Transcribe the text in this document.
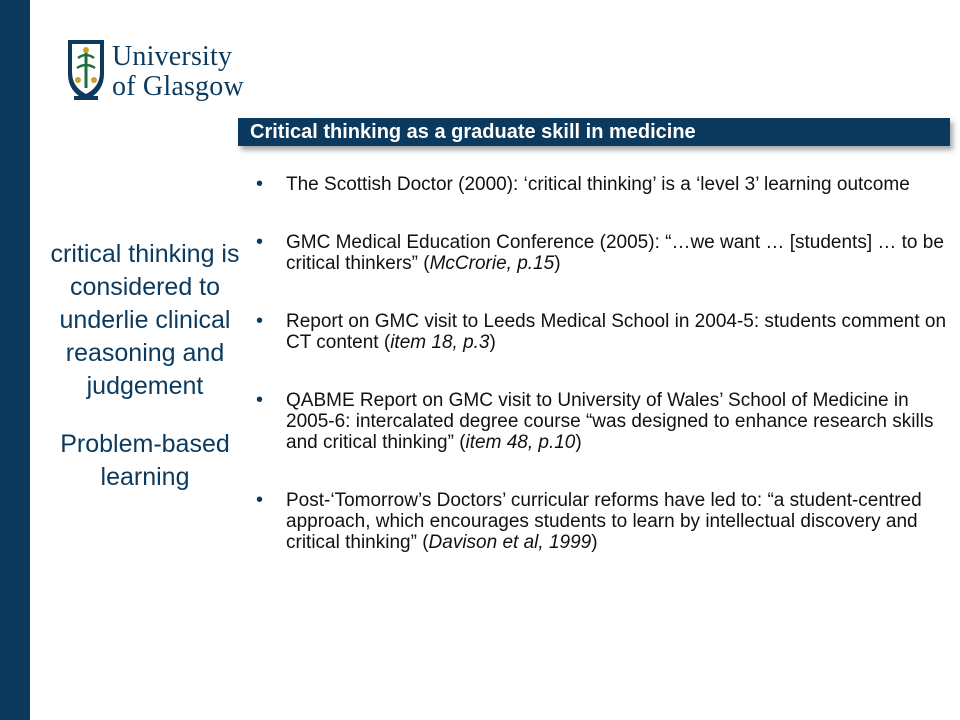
University
of Glasgow
Critical thinking as a graduate skill in medicine
critical thinking is considered to underlie clinical reasoning and judgement
Problem-based learning
• The Scottish Doctor (2000): ‘critical thinking’ is a ‘level 3’ learning outcome
• GMC Medical Education Conference (2005): “…we want … [students] … to be critical thinkers” (McCrorie, p.15)
• Report on GMC visit to Leeds Medical School in 2004-5: students comment on CT content (item 18, p.3)
• QABME Report on GMC visit to University of Wales’ School of Medicine in 2005-6: intercalated degree course “was designed to enhance research skills and critical thinking” (item 48, p.10)
• Post-‘Tomorrow’s Doctors’ curricular reforms have led to: “a student-centred approach, which encourages students to learn by intellectual discovery and critical thinking” (Davison et al, 1999)
